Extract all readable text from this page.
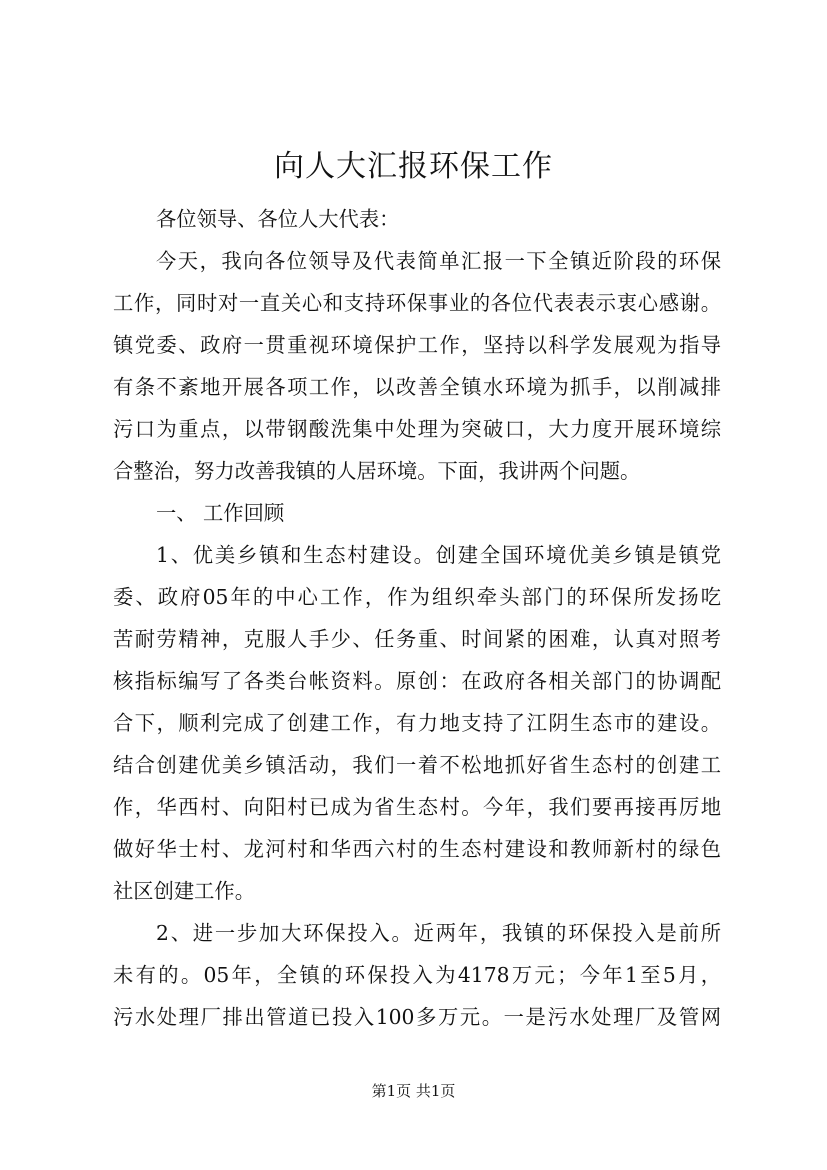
向人大汇报环保工作
各位领导、各位人大代表：
今天，我向各位领导及代表简单汇报一下全镇近阶段的环保
工作，同时对一直关心和支持环保事业的各位代表表示衷心感谢。
镇党委、政府一贯重视环境保护工作，坚持以科学发展观为指导
有条不紊地开展各项工作，以改善全镇水环境为抓手，以削减排
污口为重点，以带钢酸洗集中处理为突破口，大力度开展环境综
合整治，努力改善我镇的人居环境。下面，我讲两个问题。
一、 工作回顾
1、优美乡镇和生态村建设。创建全国环境优美乡镇是镇党
委、政府05年的中心工作，作为组织牵头部门的环保所发扬吃
苦耐劳精神，克服人手少、任务重、时间紧的困难，认真对照考
核指标编写了各类台帐资料。原创：在政府各相关部门的协调配
合下，顺利完成了创建工作，有力地支持了江阴生态市的建设。
结合创建优美乡镇活动，我们一着不松地抓好省生态村的创建工
作，华西村、向阳村已成为省生态村。今年，我们要再接再厉地
做好华士村、龙河村和华西六村的生态村建设和教师新村的绿色
社区创建工作。
2、进一步加大环保投入。近两年，我镇的环保投入是前所
未有的。05年，全镇的环保投入为4178万元；今年1至5月，
污水处理厂排出管道已投入100多万元。一是污水处理厂及管网
第1页 共1页
